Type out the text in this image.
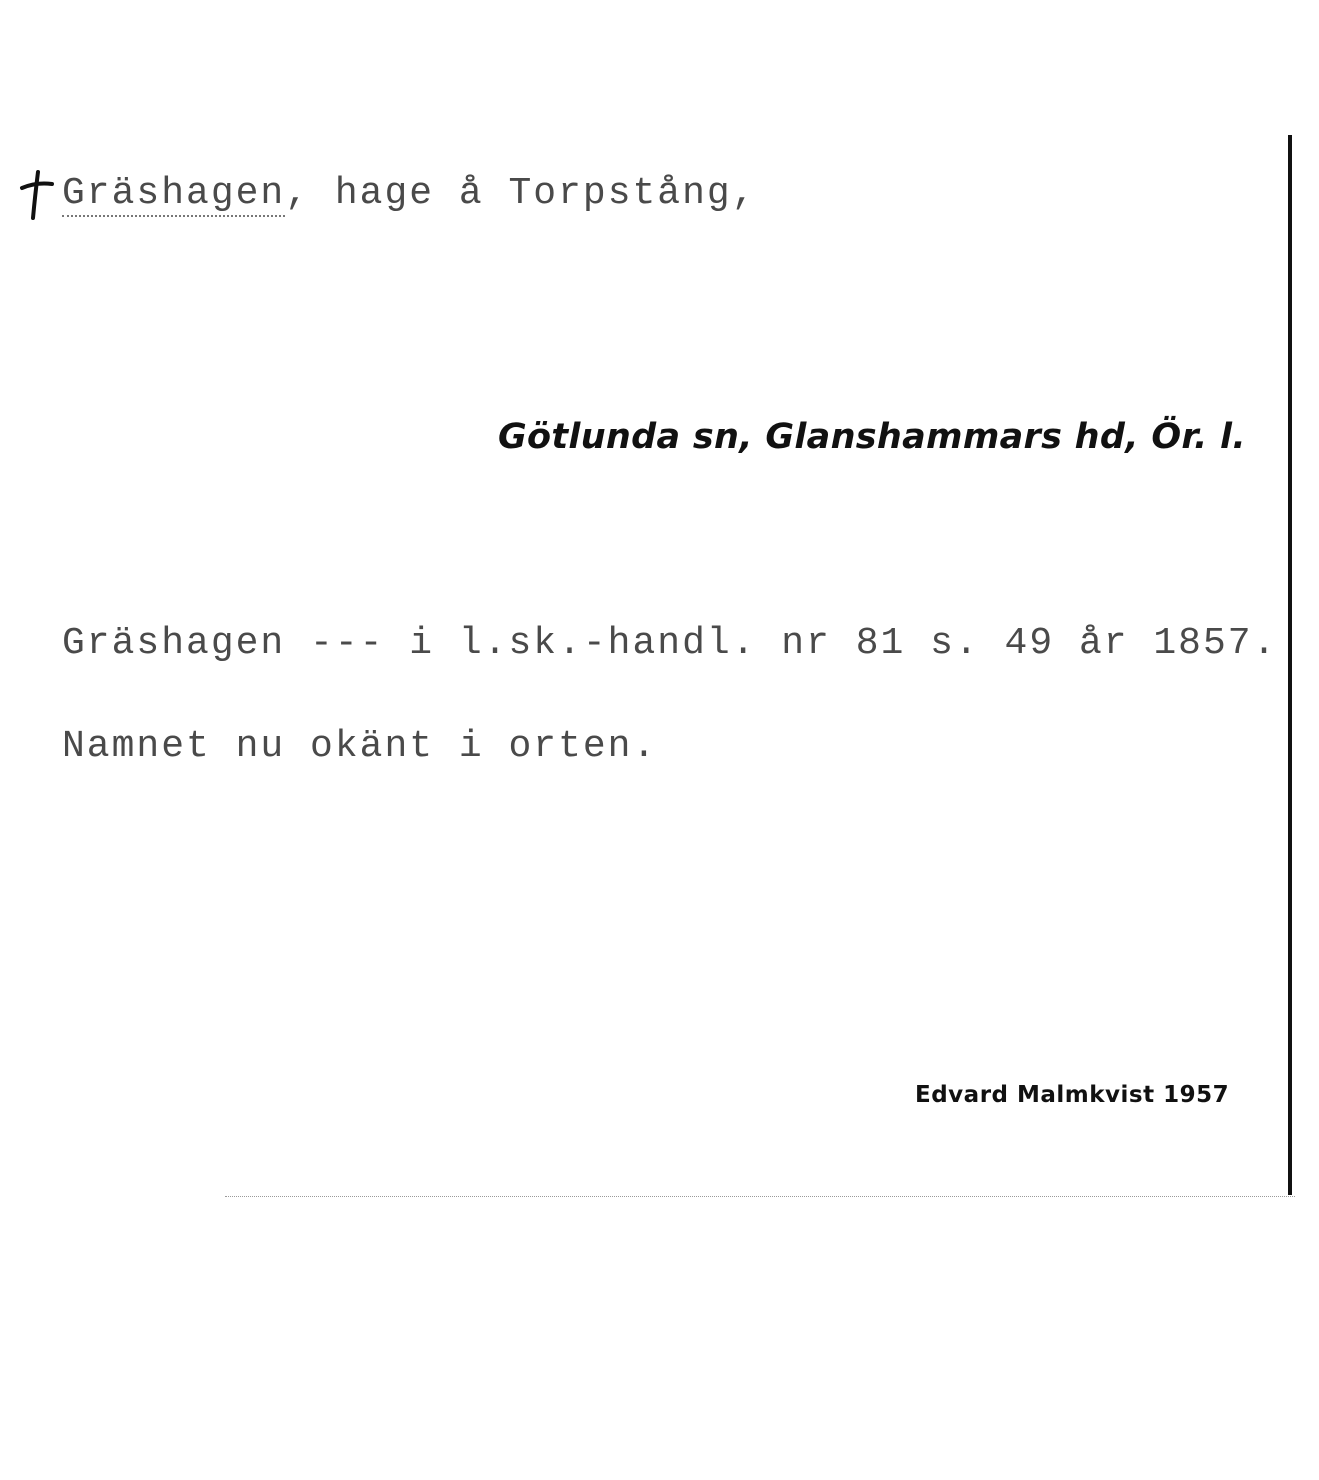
Gräshagen, hage å Torpstång,
Götlunda sn, Glanshammars hd, Ör. l.
Gräshagen --- i l.sk.-handl. nr 81 s. 49 år 1857.
Namnet nu okänt i orten.
Edvard Malmkvist 1957
